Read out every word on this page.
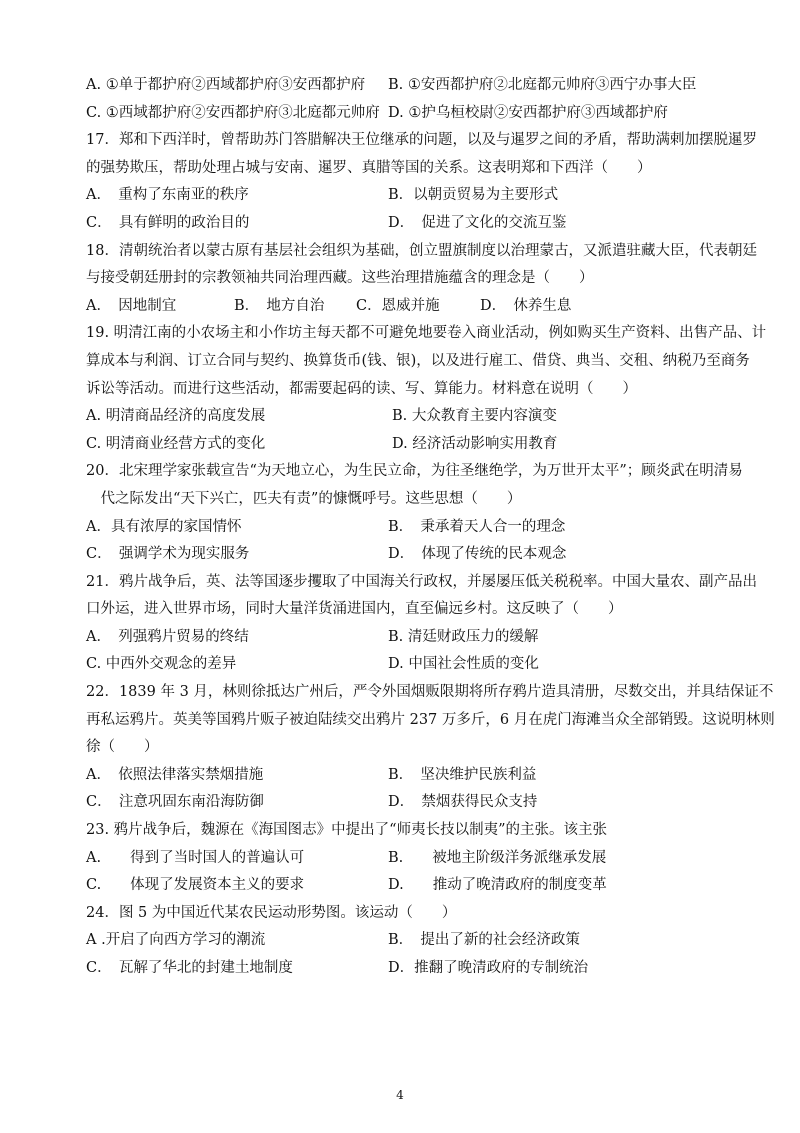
A. ①单于都护府②西域都护府③安西都护府	B. ①安西都护府②北庭都元帅府③西宁办事大臣
C. ①西域都护府②安西都护府③北庭都元帅府 D. ①护乌桓校尉②安西都护府③西域都护府
17．郑和下西洋时，曾帮助苏门答腊解决王位继承的问题，以及与暹罗之间的矛盾，帮助满剌加摆脱暹罗
的强势欺压，帮助处理占城与安南、暹罗、真腊等国的关系。这表明郑和下西洋（　　）
A．　重构了东南亚的秩序	B．以朝贡贸易为主要形式
C．　具有鲜明的政治目的	D．　促进了文化的交流互鉴
18．清朝统治者以蒙古原有基层社会组织为基础，创立盟旗制度以治理蒙古，又派遣驻藏大臣，代表朝廷
与接受朝廷册封的宗教领袖共同治理西藏。这些治理措施蕴含的理念是（　　）
A．　因地制宜	B．　地方自治	C．恩威并施	D．　休养生息
19. 明清江南的小农场主和小作坊主每天都不可避免地要卷入商业活动，例如购买生产资料、出售产品、计
算成本与利润、订立合同与契约、换算货币(钱、银)，以及进行雇工、借贷、典当、交租、纳税乃至商务
诉讼等活动。而进行这些活动，都需要起码的读、写、算能力。材料意在说明（　　）
A. 明清商品经济的高度发展	B. 大众教育主要内容演变
C. 明清商业经营方式的变化	D. 经济活动影响实用教育
20．北宋理学家张载宣告“为天地立心，为生民立命，为往圣继绝学，为万世开太平”；顾炎武在明清易
　代之际发出“天下兴亡，匹夫有责”的慷慨呼号。这些思想（　　）
A．具有浓厚的家国情怀	B．　秉承着天人合一的理念
C．　强调学术为现实服务	D．　体现了传统的民本观念
21．鸦片战争后，英、法等国逐步攫取了中国海关行政权，并屡屡压低关税税率。中国大量农、副产品出
口外运，进入世界市场，同时大量洋货涌进国内，直至偏远乡村。这反映了（　　）
A．　列强鸦片贸易的终结	B. 清廷财政压力的缓解
C. 中西外交观念的差异	D. 中国社会性质的变化
22．1839 年 3 月，林则徐抵达广州后，严令外国烟贩限期将所存鸦片造具清册，尽数交出，并具结保证不
再私运鸦片。英美等国鸦片贩子被迫陆续交出鸦片 237 万多斤，6 月在虎门海滩当众全部销毁。这说明林则
徐（　　）
A．　依照法律落实禁烟措施	B．　坚决维护民族利益
C．　注意巩固东南沿海防御	D．　禁烟获得民众支持
23. 鸦片战争后，魏源在《海国图志》中提出了“师夷长技以制夷”的主张。该主张
A.　　得到了当时国人的普遍认可	B.　　被地主阶级洋务派继承发展
C.　　体现了发展资本主义的要求	D.　　推动了晚清政府的制度变革
24．图 5 为中国近代某农民运动形势图。该运动（　　）
A .开启了向西方学习的潮流	B．　提出了新的社会经济政策
C．　瓦解了华北的封建土地制度	D．推翻了晚清政府的专制统治
4
